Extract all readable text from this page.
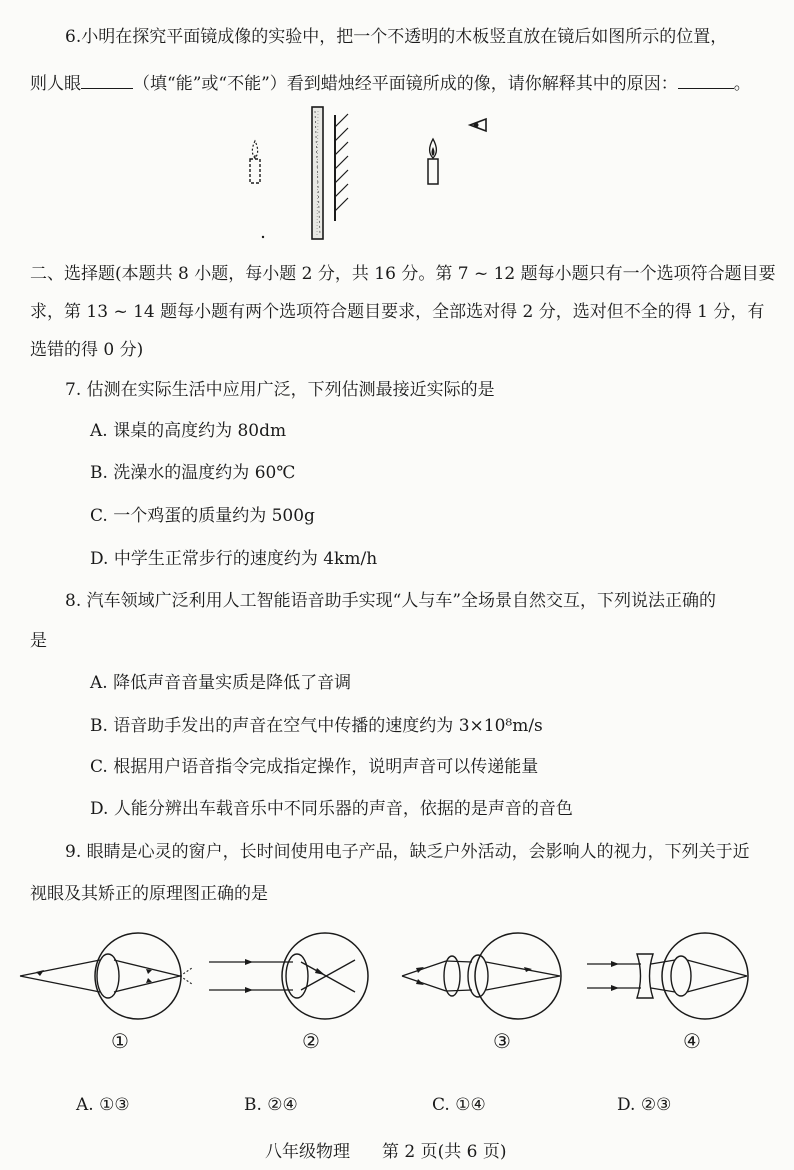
6.小明在探究平面镜成像的实验中，把一个不透明的木板竖直放在镜后如图所示的位置，
则人眼	（填“能”或“不能”）看到蜡烛经平面镜所成的像，请你解释其中的原因：	。
二、选择题(本题共 8 小题，每小题 2 分，共 16 分。第 7 ~ 12 题每小题只有一个选项符合题目要
求，第 13 ~ 14 题每小题有两个选项符合题目要求，全部选对得 2 分，选对但不全的得 1 分，有
选错的得 0 分)
7. 估测在实际生活中应用广泛，下列估测最接近实际的是
A. 课桌的高度约为 80dm
B. 洗澡水的温度约为 60℃
C. 一个鸡蛋的质量约为 500g
D. 中学生正常步行的速度约为 4km/h
8. 汽车领域广泛利用人工智能语音助手实现“人与车”全场景自然交互，下列说法正确的
是
A. 降低声音音量实质是降低了音调
B. 语音助手发出的声音在空气中传播的速度约为 3×10⁸m/s
C. 根据用户语音指令完成指定操作，说明声音可以传递能量
D. 人能分辨出车载音乐中不同乐器的声音，依据的是声音的音色
9. 眼睛是心灵的窗户，长时间使用电子产品，缺乏户外活动，会影响人的视力，下列关于近
视眼及其矫正的原理图正确的是
①	②	③	④
A. ①③	B. ②④	C. ①④	D. ②③
八年级物理 第 2 页(共 6 页)
